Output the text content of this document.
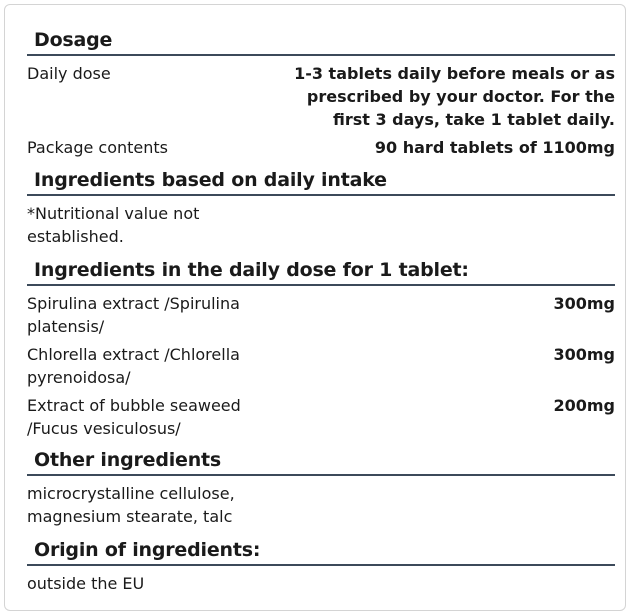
Dosage
Daily dose	1-3 tablets daily before meals or as prescribed by your doctor. For the first 3 days, take 1 tablet daily.
Package contents	90 hard tablets of 1100mg
Ingredients based on daily intake
*Nutritional value not established.
Ingredients in the daily dose for 1 tablet:
Spirulina extract /Spirulina platensis/
300mg
Chlorella extract /Chlorella pyrenoidosa/
300mg
Extract of bubble seaweed /Fucus vesiculosus/
200mg
Other ingredients
microcrystalline cellulose, magnesium stearate, talc
Origin of ingredients:
outside the EU
